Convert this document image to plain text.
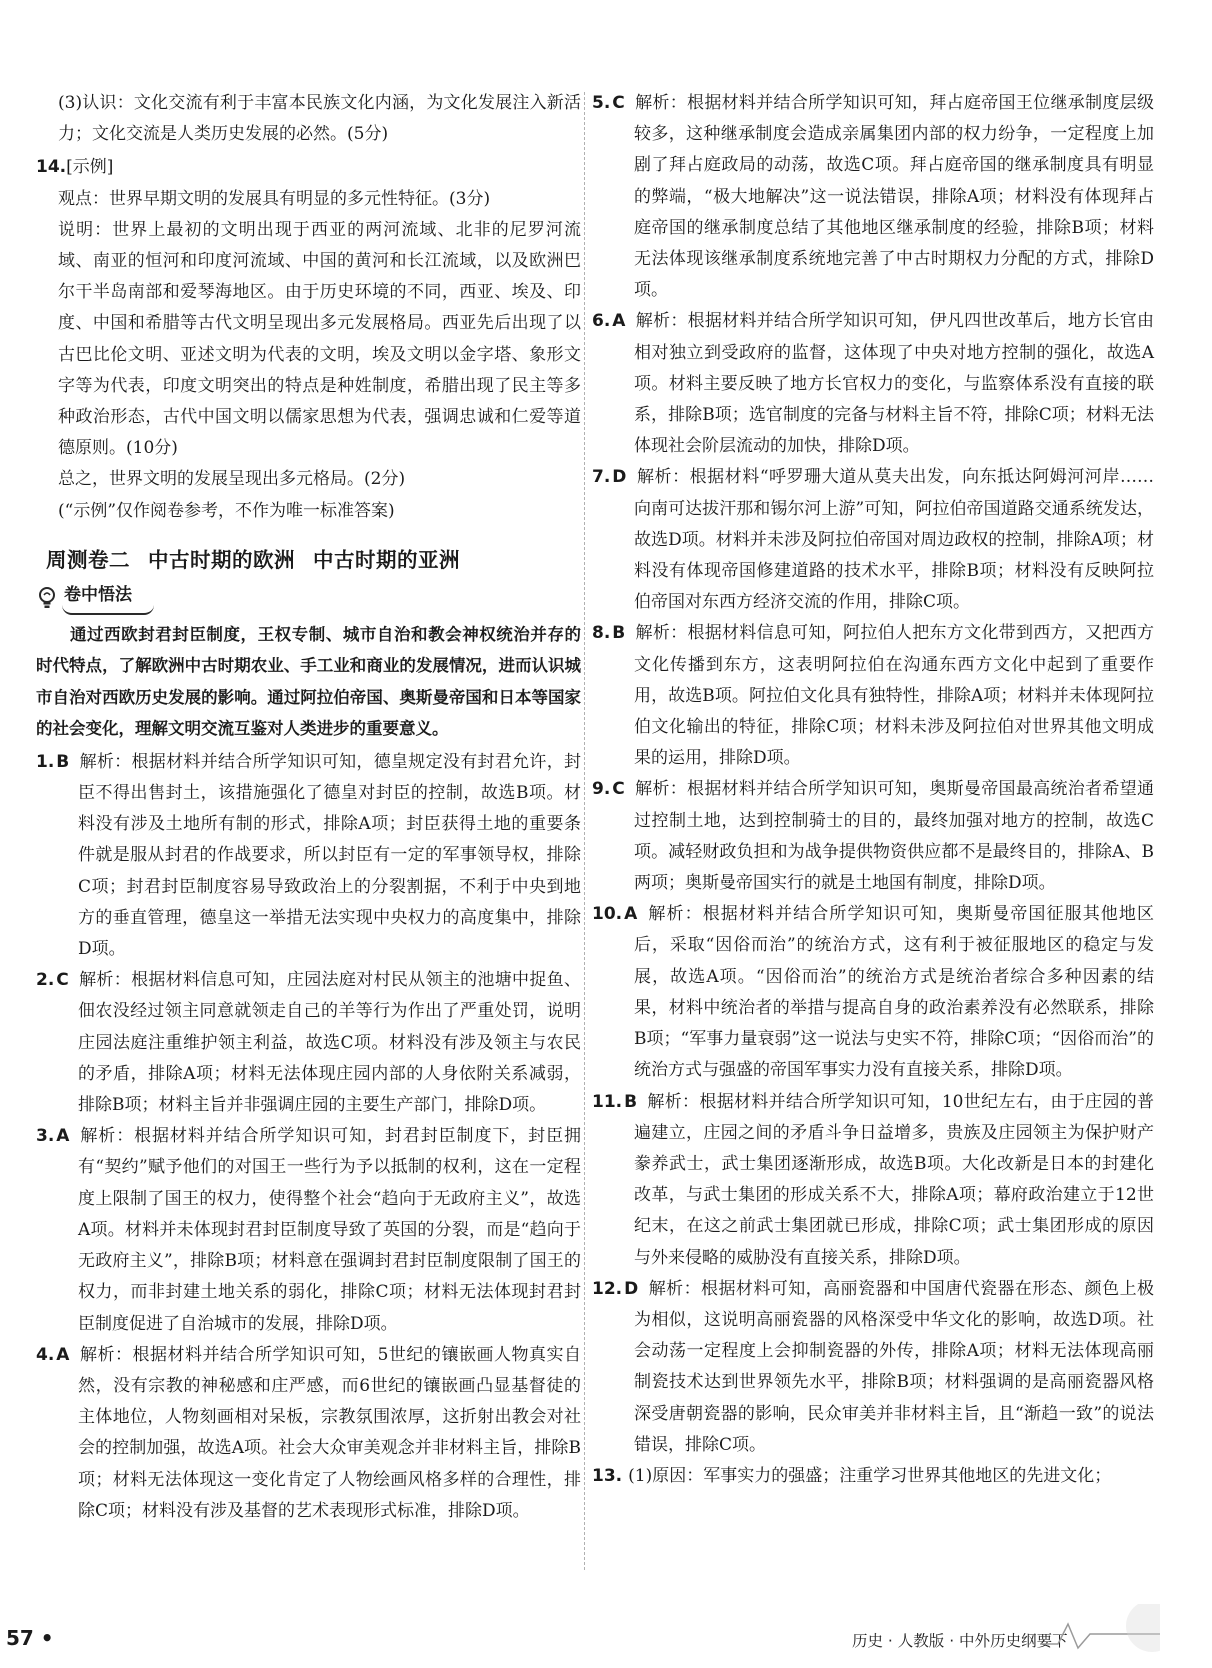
(3)认识：文化交流有利于丰富本民族文化内涵，为文化发展注入新活力；文化交流是人类历史发展的必然。(5分)

14.[示例]

观点：世界早期文明的发展具有明显的多元性特征。(3分)

说明：世界上最初的文明出现于西亚的两河流域、北非的尼罗河流域、南亚的恒河和印度河流域、中国的黄河和长江流域，以及欧洲巴尔干半岛南部和爱琴海地区。由于历史环境的不同，西亚、埃及、印度、中国和希腊等古代文明呈现出多元发展格局。西亚先后出现了以古巴比伦文明、亚述文明为代表的文明，埃及文明以金字塔、象形文字等为代表，印度文明突出的特点是种姓制度，希腊出现了民主等多种政治形态，古代中国文明以儒家思想为代表，强调忠诚和仁爱等道德原则。(10分)

总之，世界文明的发展呈现出多元格局。(2分)

(“示例”仅作阅卷参考，不作为唯一标准答案)

周测卷二 中古时期的欧洲 中古时期的亚洲
卷中悟法

通过西欧封君封臣制度，王权专制、城市自治和教会神权统治并存的时代特点，了解欧洲中古时期农业、手工业和商业的发展情况，进而认识城市自治对西欧历史发展的影响。通过阿拉伯帝国、奥斯曼帝国和日本等国家的社会变化，理解文明交流互鉴对人类进步的重要意义。

1. B 解析：根据材料并结合所学知识可知，德皇规定没有封君允许，封臣不得出售封土，该措施强化了德皇对封臣的控制，故选B项。材料没有涉及土地所有制的形式，排除A项；封臣获得土地的重要条件就是服从封君的作战要求，所以封臣有一定的军事领导权，排除C项；封君封臣制度容易导致政治上的分裂割据，不利于中央到地方的垂直管理，德皇这一举措无法实现中央权力的高度集中，排除D项。

2. C 解析：根据材料信息可知，庄园法庭对村民从领主的池塘中捉鱼、佃农没经过领主同意就领走自己的羊等行为作出了严重处罚，说明庄园法庭注重维护领主利益，故选C项。材料没有涉及领主与农民的矛盾，排除A项；材料无法体现庄园内部的人身依附关系减弱，排除B项；材料主旨并非强调庄园的主要生产部门，排除D项。

3. A 解析：根据材料并结合所学知识可知，封君封臣制度下，封臣拥有“契约”赋予他们的对国王一些行为予以抵制的权利，这在一定程度上限制了国王的权力，使得整个社会“趋向于无政府主义”，故选A项。材料并未体现封君封臣制度导致了英国的分裂，而是“趋向于无政府主义”，排除B项；材料意在强调封君封臣制度限制了国王的权力，而非封建土地关系的弱化，排除C项；材料无法体现封君封臣制度促进了自治城市的发展，排除D项。

4. A 解析：根据材料并结合所学知识可知，5世纪的镶嵌画人物真实自然，没有宗教的神秘感和庄严感，而6世纪的镶嵌画凸显基督徒的主体地位，人物刻画相对呆板，宗教氛围浓厚，这折射出教会对社会的控制加强，故选A项。社会大众审美观念并非材料主旨，排除B项；材料无法体现这一变化肯定了人物绘画风格多样的合理性，排除C项；材料没有涉及基督的艺术表现形式标准，排除D项。

5. C 解析：根据材料并结合所学知识可知，拜占庭帝国王位继承制度层级较多，这种继承制度会造成亲属集团内部的权力纷争，一定程度上加剧了拜占庭政局的动荡，故选C项。拜占庭帝国的继承制度具有明显的弊端，“极大地解决”这一说法错误，排除A项；材料没有体现拜占庭帝国的继承制度总结了其他地区继承制度的经验，排除B项；材料无法体现该继承制度系统地完善了中古时期权力分配的方式，排除D项。

6. A 解析：根据材料并结合所学知识可知，伊凡四世改革后，地方长官由相对独立到受政府的监督，这体现了中央对地方控制的强化，故选A项。材料主要反映了地方长官权力的变化，与监察体系没有直接的联系，排除B项；选官制度的完备与材料主旨不符，排除C项；材料无法体现社会阶层流动的加快，排除D项。

7. D 解析：根据材料“呼罗珊大道从莫夫出发，向东抵达阿姆河河岸……向南可达拔汗那和锡尔河上游”可知，阿拉伯帝国道路交通系统发达，故选D项。材料并未涉及阿拉伯帝国对周边政权的控制，排除A项；材料没有体现帝国修建道路的技术水平，排除B项；材料没有反映阿拉伯帝国对东西方经济交流的作用，排除C项。

8. B 解析：根据材料信息可知，阿拉伯人把东方文化带到西方，又把西方文化传播到东方，这表明阿拉伯在沟通东西方文化中起到了重要作用，故选B项。阿拉伯文化具有独特性，排除A项；材料并未体现阿拉伯文化输出的特征，排除C项；材料未涉及阿拉伯对世界其他文明成果的运用，排除D项。

9. C 解析：根据材料并结合所学知识可知，奥斯曼帝国最高统治者希望通过控制土地，达到控制骑士的目的，最终加强对地方的控制，故选C项。减轻财政负担和为战争提供物资供应都不是最终目的，排除A、B两项；奥斯曼帝国实行的就是土地国有制度，排除D项。

10. A 解析：根据材料并结合所学知识可知，奥斯曼帝国征服其他地区后，采取“因俗而治”的统治方式，这有利于被征服地区的稳定与发展，故选A项。“因俗而治”的统治方式是统治者综合多种因素的结果，材料中统治者的举措与提高自身的政治素养没有必然联系，排除B项；“军事力量衰弱”这一说法与史实不符，排除C项；“因俗而治”的统治方式与强盛的帝国军事实力没有直接关系，排除D项。

11. B 解析：根据材料并结合所学知识可知，10世纪左右，由于庄园的普遍建立，庄园之间的矛盾斗争日益增多，贵族及庄园领主为保护财产豢养武士，武士集团逐渐形成，故选B项。大化改新是日本的封建化改革，与武士集团的形成关系不大，排除A项；幕府政治建立于12世纪末，在这之前武士集团就已形成，排除C项；武士集团形成的原因与外来侵略的威胁没有直接关系，排除D项。

12. D 解析：根据材料可知，高丽瓷器和中国唐代瓷器在形态、颜色上极为相似，这说明高丽瓷器的风格深受中华文化的影响，故选D项。社会动荡一定程度上会抑制瓷器的外传，排除A项；材料无法体现高丽制瓷技术达到世界领先水平，排除B项；材料强调的是高丽瓷器风格深受唐朝瓷器的影响，民众审美并非材料主旨，且“渐趋一致”的说法错误，排除C项。

13. (1)原因：军事实力的强盛；注重学习世界其他地区的先进文化；

57 •	历史 · 人教版 · 中外历史纲要下
